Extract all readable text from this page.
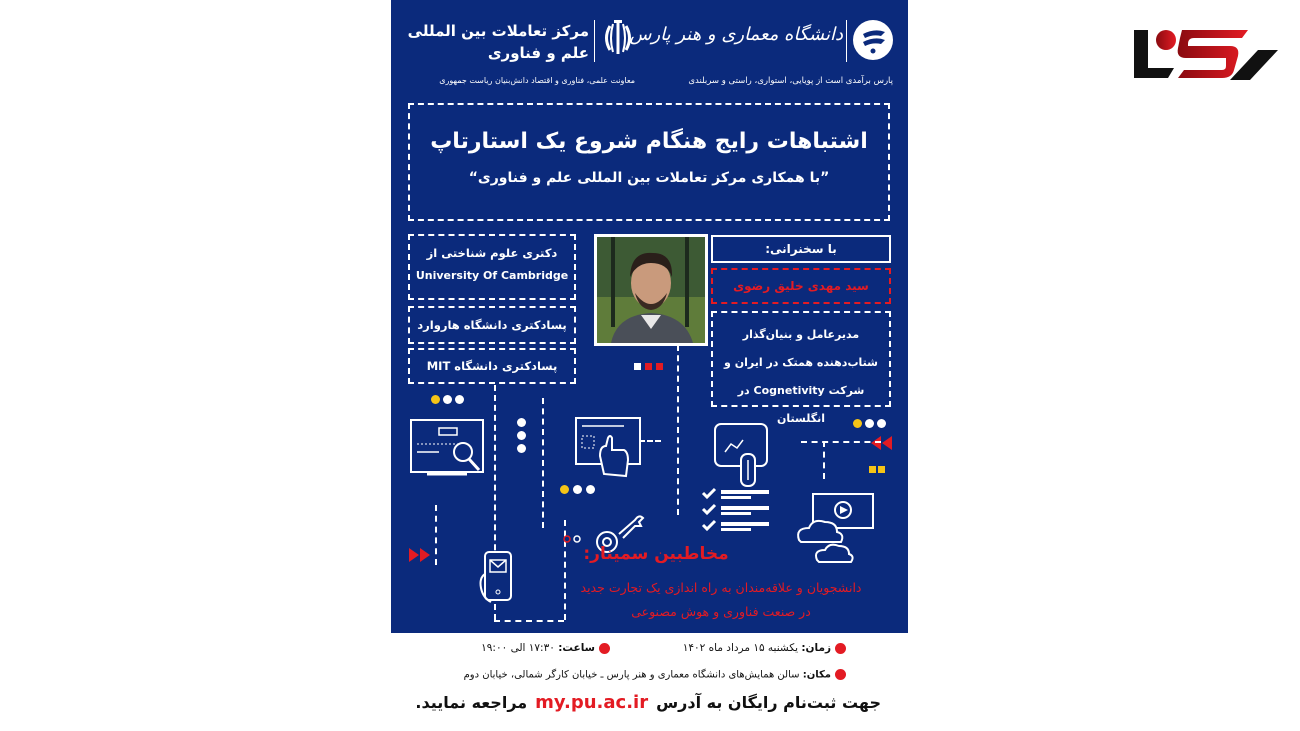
مرکز تعاملات بین المللی
علم و فناوری
معاونت علمی، فناوری و اقتصاد دانش‌بنیان ریاست جمهوری
دانشگاه معماری و هنر پارس
پارس برآمدی است از پویایی، استواری، راستی و سربلندی
اشتباهات رایج هنگام شروع یک استارتاپ
”با همکاری مرکز تعاملات بین المللی علم و فناوری“
دکتری علوم شناختی از
University Of Cambridge
پسادکتری دانشگاه هاروارد
پسادکتری دانشگاه MIT
با سخنرانی:
سید مهدی خلیق رضوی
مدیرعامل و بنیان‌گذار
شتاب‌دهنده همتک در ایران و
شرکت Cognetivity در انگلستان
مخاطبین سمینار:
دانشجویان و علاقه‌مندان به راه اندازی یک تجارت جدید
در صنعت فناوری و هوش مصنوعی
زمان: یکشنبه ۱۵ مرداد ماه ۱۴۰۲
ساعت: ۱۷:۳۰ الی ۱۹:۰۰
مکان: سالن همایش‌های دانشگاه معماری و هنر پارس ـ خیابان کارگر شمالی، خیابان دوم
جهت ثبت‌نام رایگان به آدرسmy.pu.ac.irمراجعه نمایید.
